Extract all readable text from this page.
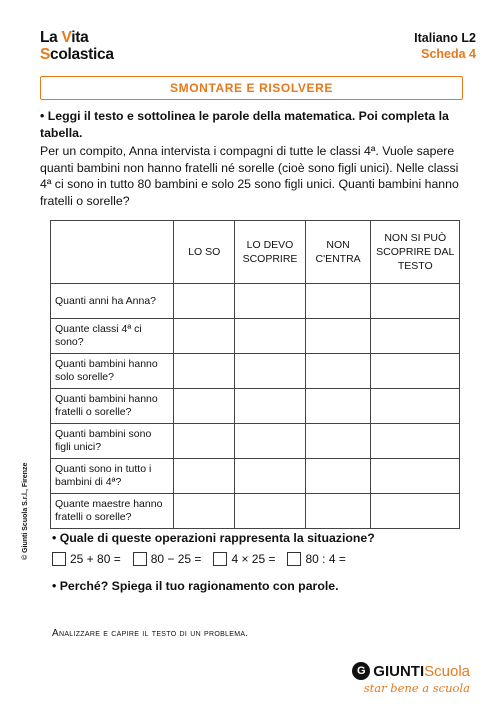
La Vita
Scolastica
Italiano L2
Scheda 4
SMONTARE E RISOLVERE
• Leggi il testo e sottolinea le parole della matematica. Poi completa la tabella.
Per un compito, Anna intervista i compagni di tutte le classi 4ª. Vuole sapere quanti bambini non hanno fratelli né sorelle (cioè sono figli unici). Nelle classi 4ª ci sono in tutto 80 bambini e solo 25 sono figli unici. Quanti bambini hanno fratelli o sorelle?
	LO SO	LO DEVO SCOPRIRE	NON C'ENTRA	NON SI PUÒ SCOPRIRE DAL TESTO
Quanti anni ha Anna?				
Quante classi 4ª ci sono?				
Quanti bambini hanno solo sorelle?				
Quanti bambini hanno fratelli o sorelle?				
Quanti bambini sono figli unici?				
Quanti sono in tutto i bambini di 4ª?				
Quante maestre hanno fratelli o sorelle?				
• Quale di queste operazioni rappresenta la situazione?
25 + 80 =	80 − 25 =	4 × 25 =	80 : 4 =
• Perché? Spiega il tuo ragionamento con parole.
Analizzare e capire il testo di un problema.
© Giunti Scuola S.r.l., Firenze
G GIUNTI Scuola
star bene a scuola
